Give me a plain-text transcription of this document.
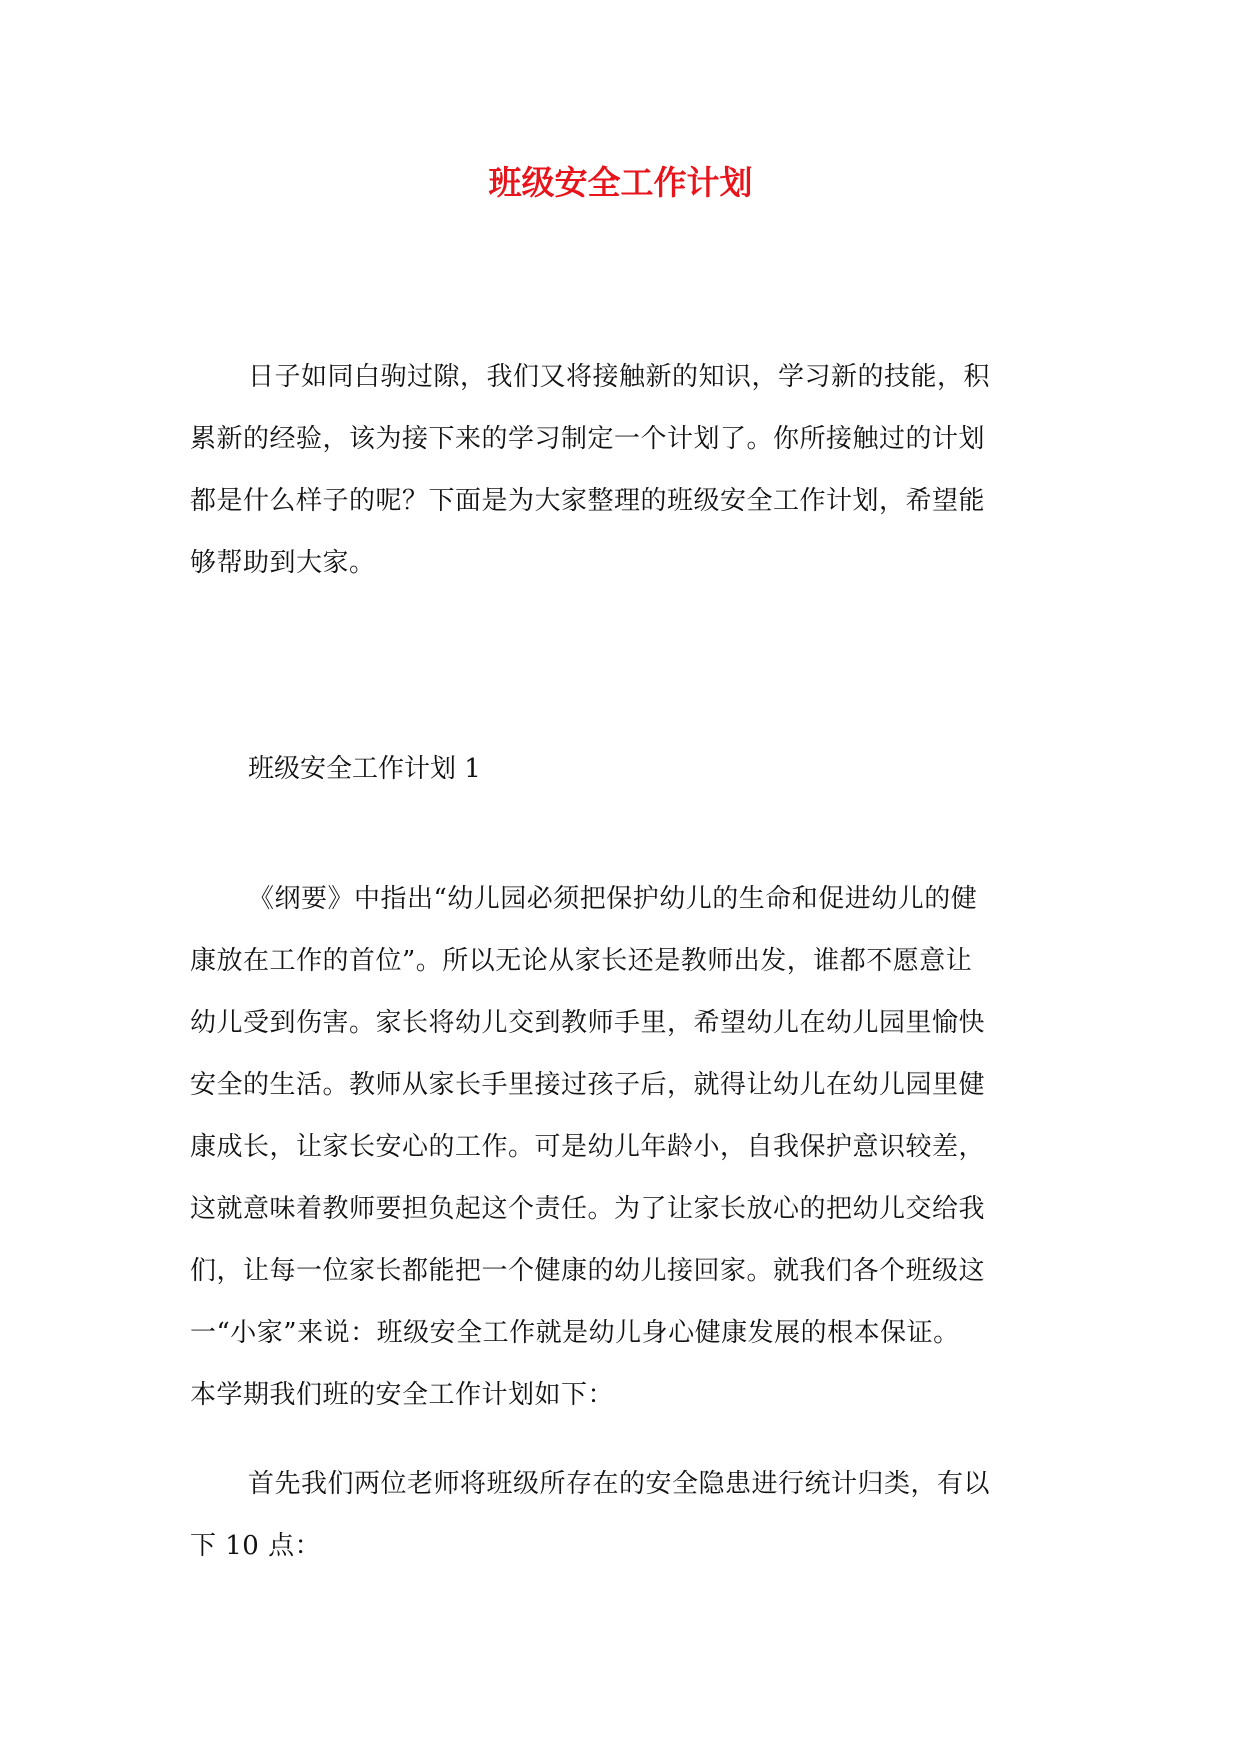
班级安全工作计划
日子如同白驹过隙，我们又将接触新的知识，学习新的技能，积
累新的经验，该为接下来的学习制定一个计划了。你所接触过的计划
都是什么样子的呢？下面是为大家整理的班级安全工作计划，希望能
够帮助到大家。
班级安全工作计划 1
《纲要》中指出“幼儿园必须把保护幼儿的生命和促进幼儿的健
康放在工作的首位”。所以无论从家长还是教师出发，谁都不愿意让
幼儿受到伤害。家长将幼儿交到教师手里，希望幼儿在幼儿园里愉快
安全的生活。教师从家长手里接过孩子后，就得让幼儿在幼儿园里健
康成长，让家长安心的工作。可是幼儿年龄小，自我保护意识较差，
这就意味着教师要担负起这个责任。为了让家长放心的把幼儿交给我
们，让每一位家长都能把一个健康的幼儿接回家。就我们各个班级这
一“小家”来说：班级安全工作就是幼儿身心健康发展的根本保证。
本学期我们班的安全工作计划如下：
首先我们两位老师将班级所存在的安全隐患进行统计归类，有以
下 10 点：
